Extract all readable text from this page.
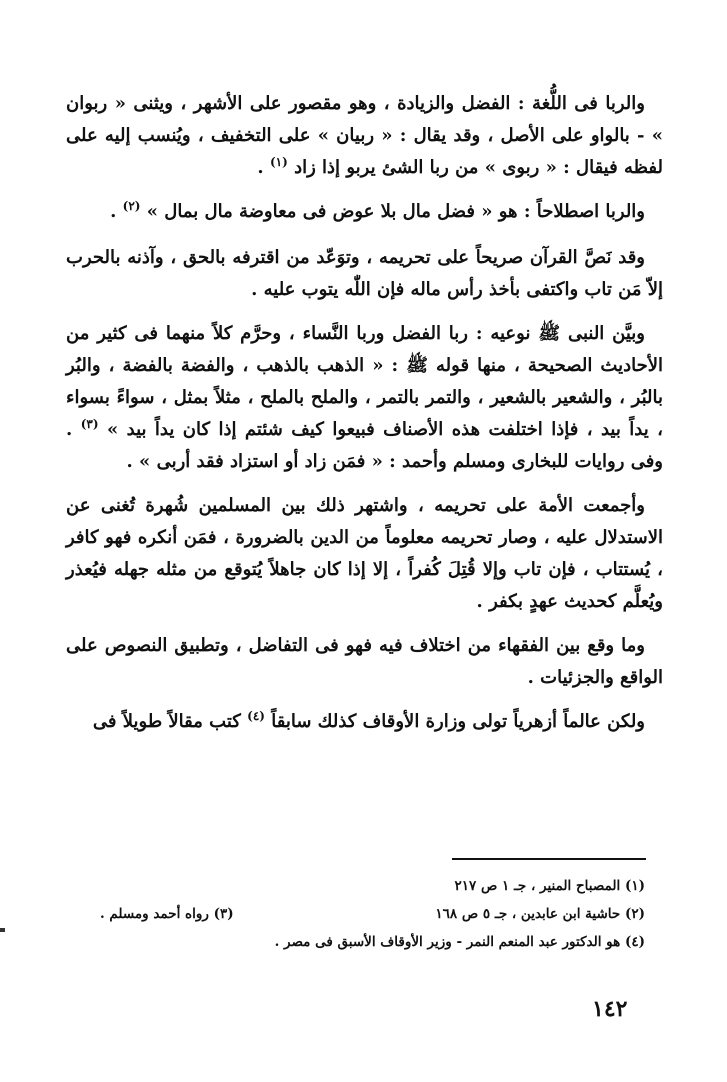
والربا فى اللُّغة : الفضل والزيادة ، وهو مقصور على الأشهر ، ويثنى « ربوان » - بالواو على الأصل ، وقد يقال : « ربيان » على التخفيف ، ويُنسب إليه على لفظه فيقال : « ربوى » من ربا الشئ يربو إذا زاد $^{(١)}$ .

والربا اصطلاحاً : هو « فضل مال بلا عوض فى معاوضة مال بمال » $^{(٢)}$ .

وقد نَصَّ القرآن صريحاً على تحريمه ، وتوَعّد من اقترفه بالحق ، وآذنه بالحرب إلاّ مَن تاب واكتفى بأخذ رأس ماله فإن اللّٰه يتوب عليه .

وبيَّن النبى ﷺ نوعيه : ربا الفضل وربا النَّساء ، وحرَّم كلاً منهما فى كثير من الأحاديث الصحيحة ، منها قوله ﷺ : « الذهب بالذهب ، والفضة بالفضة ، والبُر بالبُر ، والشعير بالشعير ، والتمر بالتمر ، والملح بالملح ، مثلاً بمثل ، سواءً بسواء ، يداً بيد ، فإذا اختلفت هذه الأصناف فبيعوا كيف شئتم إذا كان يداً بيد » $^{(٣)}$ . وفى روايات للبخارى ومسلم وأحمد : « فمَن زاد أو استزاد فقد أربى » .

وأجمعت الأمة على تحريمه ، واشتهر ذلك بين المسلمين شُهرة تُغنى عن الاستدلال عليه ، وصار تحريمه معلوماً من الدين بالضرورة ، فمَن أنكره فهو كافر ، يُستتاب ، فإن تاب وإلا قُتِلَ كُفراً ، إلا إذا كان جاهلاً يُتوقع من مثله جهله فيُعذر ويُعلَّم كحديث عهدٍ بكفر .

وما وقع بين الفقهاء من اختلاف فيه فهو فى التفاضل ، وتطبيق النصوص على الواقع والجزئيات .

ولكن عالماً أزهرياً تولى وزارة الأوقاف كذلك سابقاً $^{(٤)}$ كتب مقالاً طويلاً فى

(١) المصباح المنير ، جـ ١ ص ٢١٧
(٢) حاشية ابن عابدين ، جـ ٥ ص ١٦٨
(٣) رواه أحمد ومسلم .
(٤) هو الدكتور عبد المنعم النمر - وزير الأوقاف الأسبق فى مصر .
١٤٢
